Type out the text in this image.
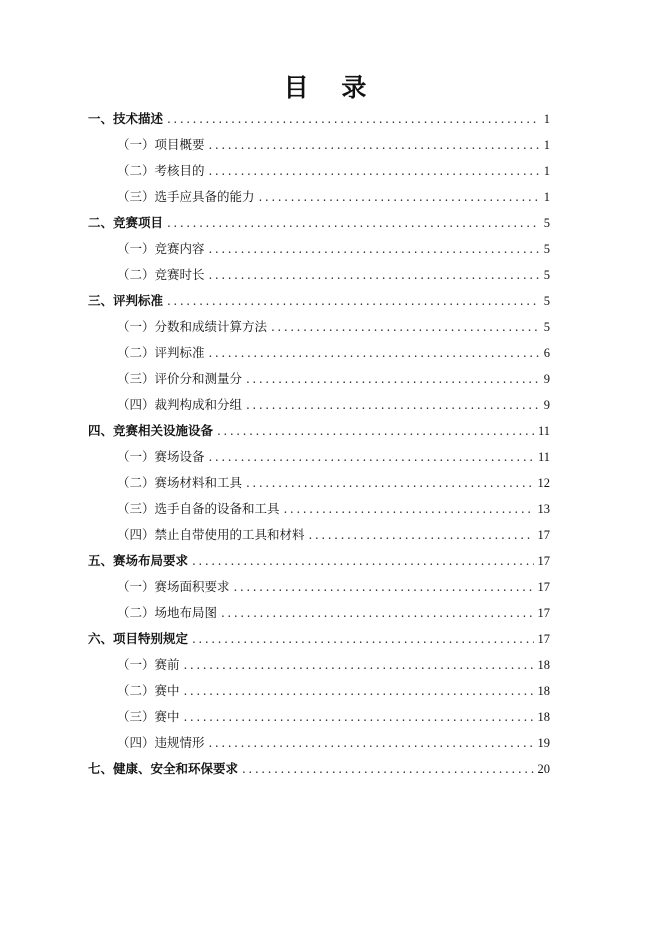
目 录
一、技术描述 .....	1
（一）项目概要 .....	1
（二）考核目的 .....	1
（三）选手应具备的能力 .....	1
二、竞赛项目 .....	5
（一）竞赛内容 .....	5
（二）竞赛时长 .....	5
三、评判标准 .....	5
（一）分数和成绩计算方法 .....	5
（二）评判标准 .....	6
（三）评价分和测量分 .....	9
（四）裁判构成和分组 .....	9
四、竞赛相关设施设备 .....	11
（一）赛场设备 .....	11
（二）赛场材料和工具 .....	12
（三）选手自备的设备和工具 .....	13
（四）禁止自带使用的工具和材料 .....	17
五、赛场布局要求 .....	17
（一）赛场面积要求 .....	17
（二）场地布局图 .....	17
六、项目特别规定 .....	17
（一）赛前 .....	18
（二）赛中 .....	18
（三）赛中 .....	18
（四）违规情形 .....	19
七、健康、安全和环保要求 .....	20
